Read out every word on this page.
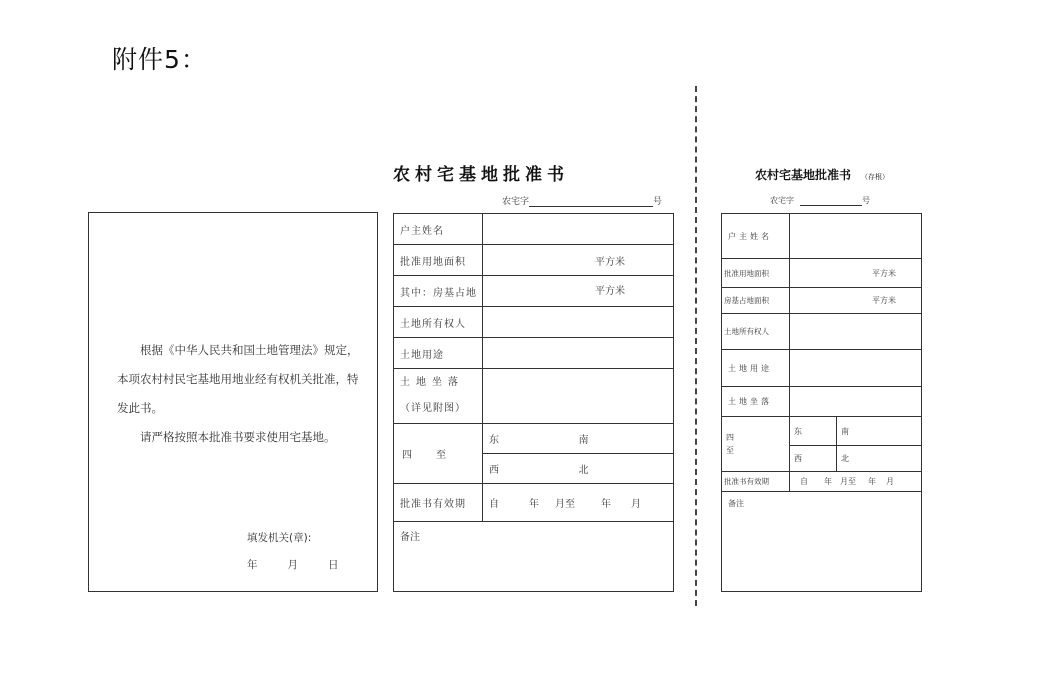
附件5：
农村宅基地批准书
农宅字	号
根据《中华人民共和国土地管理法》规定，本项农村村民宅基地用地业经有权机关批准，特发此书。
请严格按照本批准书要求使用宅基地。
填发机关(章):
年	月	日
户主姓名		
批准用地面积	平方米	
其中：房基占地	平方米	
土地所有权人		
土地用途		

土地坐落
（详见附图）		

四至	东	南
	西	北
批准书有效期	自 年 月至 年 月	
备注		
农村宅基地批准书 （存根）
农宅字	号
户主姓名		
批准用地面积	平方米	
房基占地面积	平方米	
土地所有权人		
土地用途		
土地坐落		

四至	东	南
	西	北
批准书有效期	自 年 月至 年 月	
备注		
